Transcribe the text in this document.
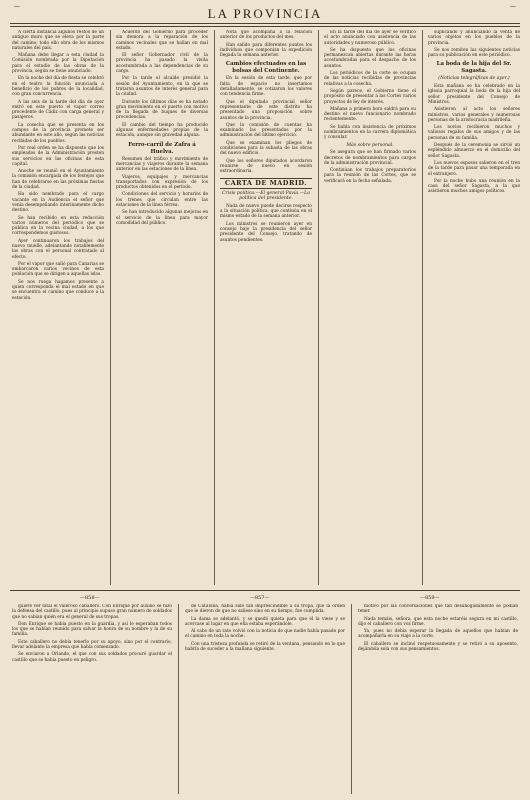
—	LA PROVINCIA	—

A cierta distancia algunos restos de un antiguo muro que se eleva por la parte del camino; todo ello obra de los mismos naturales del país.

Mañana debe llegar a esta ciudad la Comisión nombrada por la Diputación para el estudio de las obras de la provincia, según se tiene anunciado.

En la noche del día de fiesta se celebró en el teatro la función anunciada a beneficio de los pobres de la localidad, con gran concurrencia.

A las seis de la tarde del día de ayer entró en este puerto el vapor correo procedente de Cádiz con carga general y pasajeros.

La cosecha que se presenta en los campos de la provincia promete ser abundante en este año, según las noticias recibidas de los pueblos.

Por real orden se ha dispuesto que los empleados de la Administración presten sus servicios en las oficinas de esta capital.

Anoche se reunió en el Ayuntamiento la comisión encargada de los festejos que han de celebrarse en las próximas fiestas de la ciudad.

Ha sido nombrado para el cargo vacante en la Audiencia el señor que venía desempeñando interinamente dicho destino.

Se han recibido en esta redacción varios números del periódico que se publica en la vecina ciudad, a los que correspondemos gustosos.

Ayer continuaron los trabajos del nuevo muelle, adelantando notablemente las obras con el personal contratado al efecto.

Por el vapor que salió para Canarias se embarcaron varios vecinos de esta población que se dirigen a aquellas islas.

Se nos ruega hagamos presente a quien corresponda el mal estado en que se encuentra el camino que conduce a la estación.

Acuerdo del Gobierno para proceder sin demora a la reparación de los caminos vecinales que se hallan en mal estado.

El señor Gobernador civil de la provincia ha pasado la visita acostumbrada a las dependencias de su cargo.

Por la tarde el alcalde presidió la sesión del Ayuntamiento, en la que se trataron asuntos de interés general para la ciudad.

Durante los últimos días se ha notado gran movimiento en el puerto con motivo de la llegada de buques de diversas procedencias.

El cambio del tiempo ha producido algunas enfermedades propias de la estación, aunque sin gravedad alguna.

Ferro-carril de Zafra á Huelva.

Resumen del tráfico y movimiento de mercancías y viajeros durante la semana anterior en las estaciones de la línea.

Viajeros, equipajes y mercancías transportados con expresión de los productos obtenidos en el período.

Condiciones del servicio y horarios de los trenes que circulan entre las estaciones de la línea férrea.

Se han introducido algunas mejoras en el servicio de la línea para mayor comodidad del público.

Nota que acompaña a la relación anterior de los productos del mes.

Han salido para diferentes puntos los individuos que componían la expedición llegada la semana anterior.

Cambios efectuados en las bolsas del Continente.

En la sesión de esta tarde, que por falta de espacio no insertamos detalladamente, se cotizaron los valores con tendencia firme.

Que el diputado provincial señor representante de este distrito ha presentado una proposición sobre asuntos de la provincia.

Que la comisión de cuentas ha examinado las presentadas por la administración del último ejercicio.

Que se examinan los pliegos de condiciones para la subasta de las obras del nuevo edificio.

Que los señores diputados acordaron reunirse de nuevo en sesión extraordinaria.

CARTA DE MADRID.
Crisis política.—El general Pavía.—La política del presidente.

Nada de nuevo puede decirse respecto a la situación política, que continúa en el mismo estado de la semana anterior.

Los ministros se reunieron ayer en consejo bajo la presidencia del señor presidente del Consejo, tratando de asuntos pendientes.

En la tarde del día de ayer se verificó el acto anunciado con asistencia de las autoridades y numeroso público.

Se ha dispuesto que las oficinas permanezcan abiertas durante las horas acostumbradas para el despacho de los asuntos.

Los periódicos de la corte se ocupan de las noticias recibidas de provincias relativas a la cosecha.

Según parece, el Gobierno tiene el propósito de presentar a las Cortes varios proyectos de ley de interés.

Mañana a primera hora saldrá para su destino el nuevo funcionario nombrado recientemente.

Se habla con insistencia de próximos nombramientos en la carrera diplomática y consular.

Más sobre personal.

Se asegura que se han firmado varios decretos de nombramientos para cargos de la administración provincial.

Continúan los trabajos preparatorios para la reunión de las Cortes, que se verificará en la fecha señalada.

suplicando y anunciando la venta de varios objetos en los pueblos de la provincia.

Se nos remiten las siguientes noticias para su publicación en este periódico.

La boda de la hija del Sr. Sagasta.
(Noticias telegráficas de ayer.)

Esta mañana se ha celebrado en la iglesia parroquial la boda de la hija del señor presidente del Consejo de Ministros.

Asistieron al acto los señores ministros, varios generales y numerosas personas de la aristocracia madrileña.

Los novios recibieron muchos y valiosos regalos de sus amigos y de las personas de su familia.

Después de la ceremonia se sirvió un espléndido almuerzo en el domicilio del señor Sagasta.

Los nuevos esposos salieron en el tren de la tarde para pasar una temporada en el extranjero.

Por la noche hubo una reunión en la casa del señor Sagasta, a la que asistieron muchos amigos políticos.

—858—	—857—	—859—

quiere ver fatal el valeroso caballero. Con Enrique por auxilio se hizo la defensa del castillo, pues al principio supuso gran número de soldados que no sabían quién era el general de sus tropas.

Don Enrique se había puesto en la guardia, y así le esperaban todos los que se habían reunido para salvar la honra de su nombre y la de su familia.

Este caballero no debía tenerlo por su apoyo, sino por el contrario, llevar adelante la empresa que había comenzado.

Se enviaron a Orlando, el que con sus soldados procuró guardar el castillo que se había puesto en peligro.

de Cataluña, había sido tan imprescindible a su tropa, que la orden que le dieron de que no saliese sino en su tiempo, fue cumplida.

La dama se adelantó, y se quedó quieta para que él la viese y se acercase al lugar en que ella estaba esperándole.

Al cabo de un rato volvió con la noticia de que nadie había pasado por el camino en toda la noche.

Con una tristeza profunda se retiró de la ventana, pensando en lo que habría de suceder a la mañana siguiente.

motivo por las conversaciones que tan desahogadamente se podían tener.

Nada temáis, señora, que esta noche estaréis segura en mi castillo, dijo el caballero con voz firme.

Ya, pues no debía esperar la llegada de aquellos que habían de acompañarla en su viaje a la corte.

El caballero se inclinó respetuosamente y se retiró a su aposento, dejándola sola con sus pensamientos.
